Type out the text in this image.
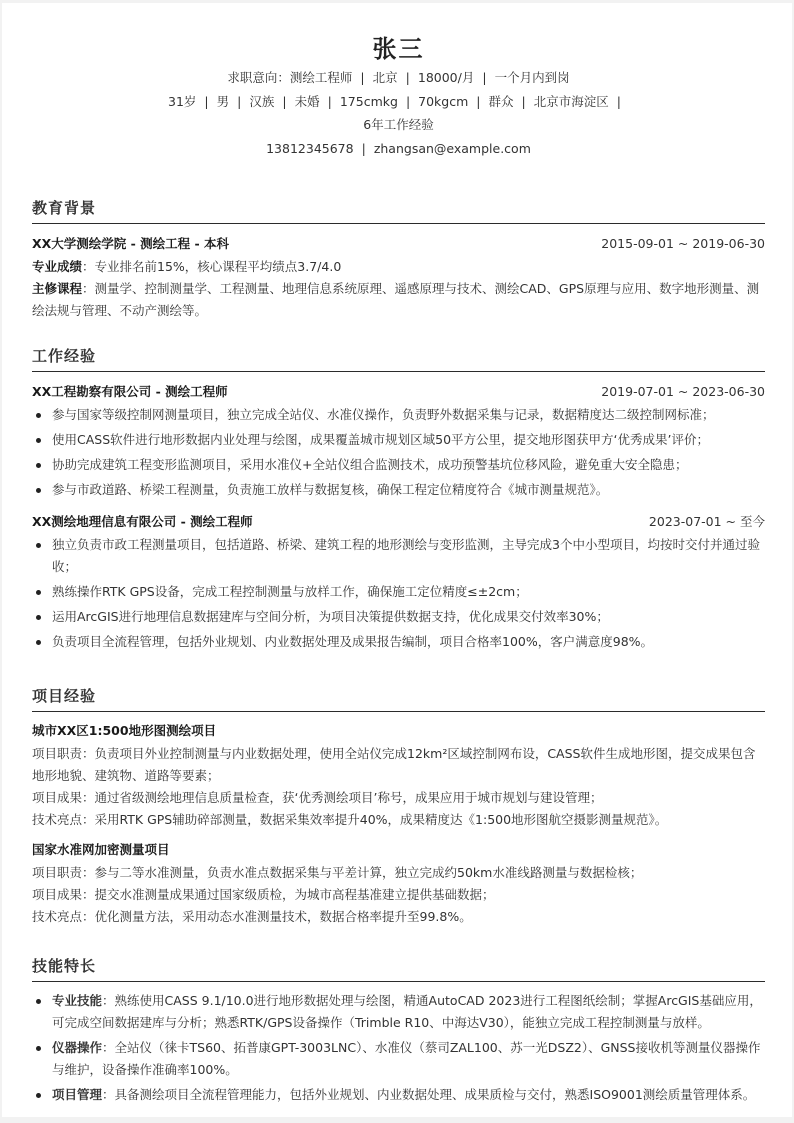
张三
求职意向：测绘工程师 | 北京 | 18000/月 | 一个月内到岗
31岁 | 男 | 汉族 | 未婚 | 175cmkg | 70kgcm | 群众 | 北京市海淀区 |
6年工作经验
13812345678 | zhangsan@example.com
教育背景
XX大学测绘学院 - 测绘工程 - 本科	2015-09-01 ~ 2019-06-30
专业成绩：专业排名前15%，核心课程平均绩点3.7/4.0
主修课程：测量学、控制测量学、工程测量、地理信息系统原理、遥感原理与技术、测绘CAD、GPS原理与应用、数字地形测量、测绘法规与管理、不动产测绘等。
工作经验
XX工程勘察有限公司 - 测绘工程师	2019-07-01 ~ 2023-06-30
参与国家等级控制网测量项目，独立完成全站仪、水准仪操作，负责野外数据采集与记录，数据精度达二级控制网标准；
使用CASS软件进行地形数据内业处理与绘图，成果覆盖城市规划区域50平方公里，提交地形图获甲方‘优秀成果’评价；
协助完成建筑工程变形监测项目，采用水准仪+全站仪组合监测技术，成功预警基坑位移风险，避免重大安全隐患；
参与市政道路、桥梁工程测量，负责施工放样与数据复核，确保工程定位精度符合《城市测量规范》。
XX测绘地理信息有限公司 - 测绘工程师	2023-07-01 ~ 至今
独立负责市政工程测量项目，包括道路、桥梁、建筑工程的地形测绘与变形监测，主导完成3个中小型项目，均按时交付并通过验收；
熟练操作RTK GPS设备，完成工程控制测量与放样工作，确保施工定位精度≤±2cm；
运用ArcGIS进行地理信息数据建库与空间分析，为项目决策提供数据支持，优化成果交付效率30%；
负责项目全流程管理，包括外业规划、内业数据处理及成果报告编制，项目合格率100%，客户满意度98%。
项目经验
城市XX区1:500地形图测绘项目
项目职责：负责项目外业控制测量与内业数据处理，使用全站仪完成12km²区域控制网布设，CASS软件生成地形图，提交成果包含地形地貌、建筑物、道路等要素；
项目成果：通过省级测绘地理信息质量检查，获‘优秀测绘项目’称号，成果应用于城市规划与建设管理；
技术亮点：采用RTK GPS辅助碎部测量，数据采集效率提升40%，成果精度达《1:500地形图航空摄影测量规范》。
国家水准网加密测量项目
项目职责：参与二等水准测量，负责水准点数据采集与平差计算，独立完成约50km水准线路测量与数据检核；
项目成果：提交水准测量成果通过国家级质检，为城市高程基准建立提供基础数据；
技术亮点：优化测量方法，采用动态水准测量技术，数据合格率提升至99.8%。
技能特长
专业技能：熟练使用CASS 9.1/10.0进行地形数据处理与绘图，精通AutoCAD 2023进行工程图纸绘制；掌握ArcGIS基础应用，可完成空间数据建库与分析；熟悉RTK/GPS设备操作（Trimble R10、中海达V30），能独立完成工程控制测量与放样。
仪器操作：全站仪（徕卡TS60、拓普康GPT-3003LNC）、水准仪（蔡司ZAL100、苏一光DSZ2）、GNSS接收机等测量仪器操作与维护，设备操作准确率100%。
项目管理：具备测绘项目全流程管理能力，包括外业规划、内业数据处理、成果质检与交付，熟悉ISO9001测绘质量管理体系。
